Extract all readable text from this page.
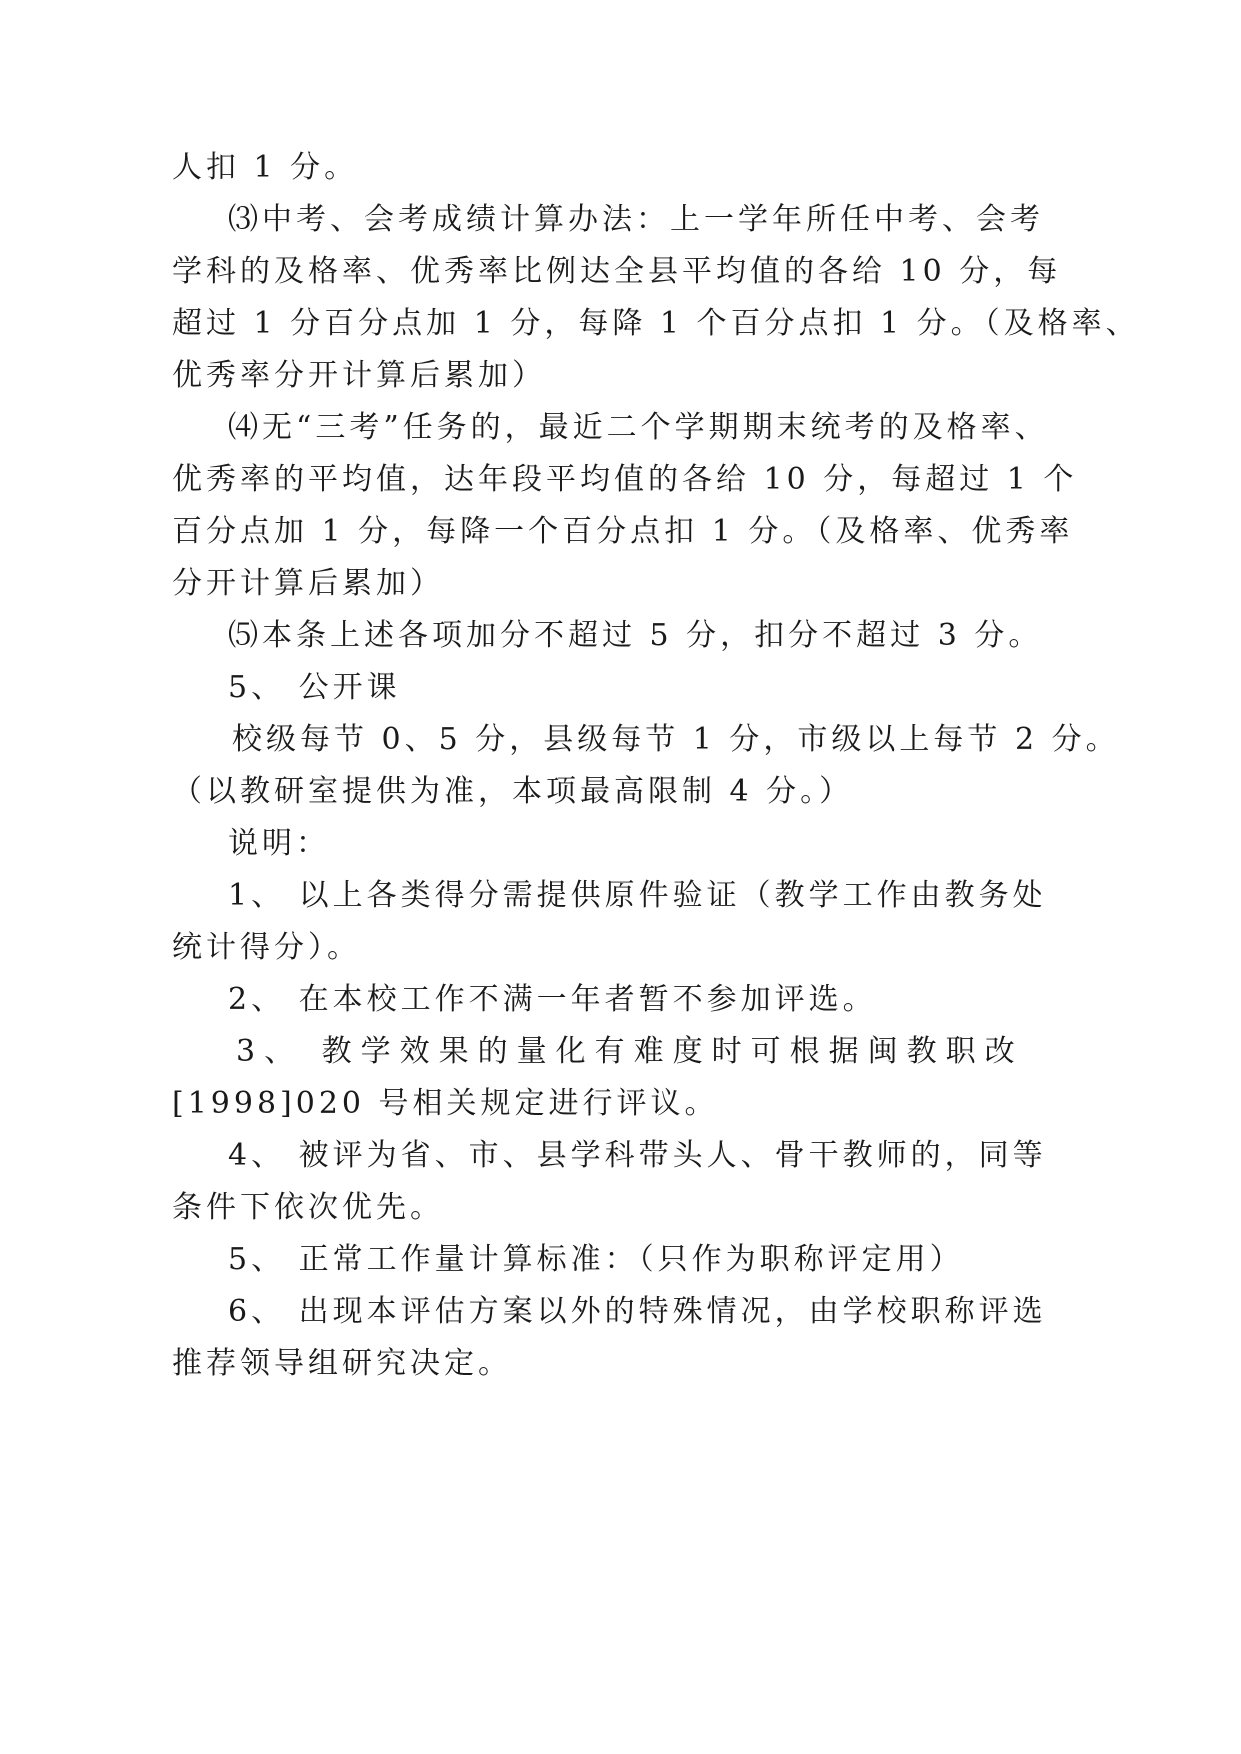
人扣 1 分。
⑶中考、会考成绩计算办法：上一学年所任中考、会考
学科的及格率、优秀率比例达全县平均值的各给 10 分，每
超过 1 分百分点加 1 分，每降 1 个百分点扣 1 分。（及格率、
优秀率分开计算后累加）
⑷无“三考”任务的，最近二个学期期末统考的及格率、
优秀率的平均值，达年段平均值的各给 10 分，每超过 1 个
百分点加 1 分，每降一个百分点扣 1 分。（及格率、优秀率
分开计算后累加）
⑸本条上述各项加分不超过 5 分，扣分不超过 3 分。
5、 公开课
校级每节 0、5 分，县级每节 1 分，市级以上每节 2 分。
（以教研室提供为准，本项最高限制 4 分。）
说明：
1、 以上各类得分需提供原件验证（教学工作由教务处
统计得分）。
2、 在本校工作不满一年者暂不参加评选。
3、 教学效果的量化有难度时可根据闽教职改
[1998]020 号相关规定进行评议。
4、 被评为省、市、县学科带头人、骨干教师的，同等
条件下依次优先。
5、 正常工作量计算标准：（只作为职称评定用）
6、 出现本评估方案以外的特殊情况，由学校职称评选
推荐领导组研究决定。
